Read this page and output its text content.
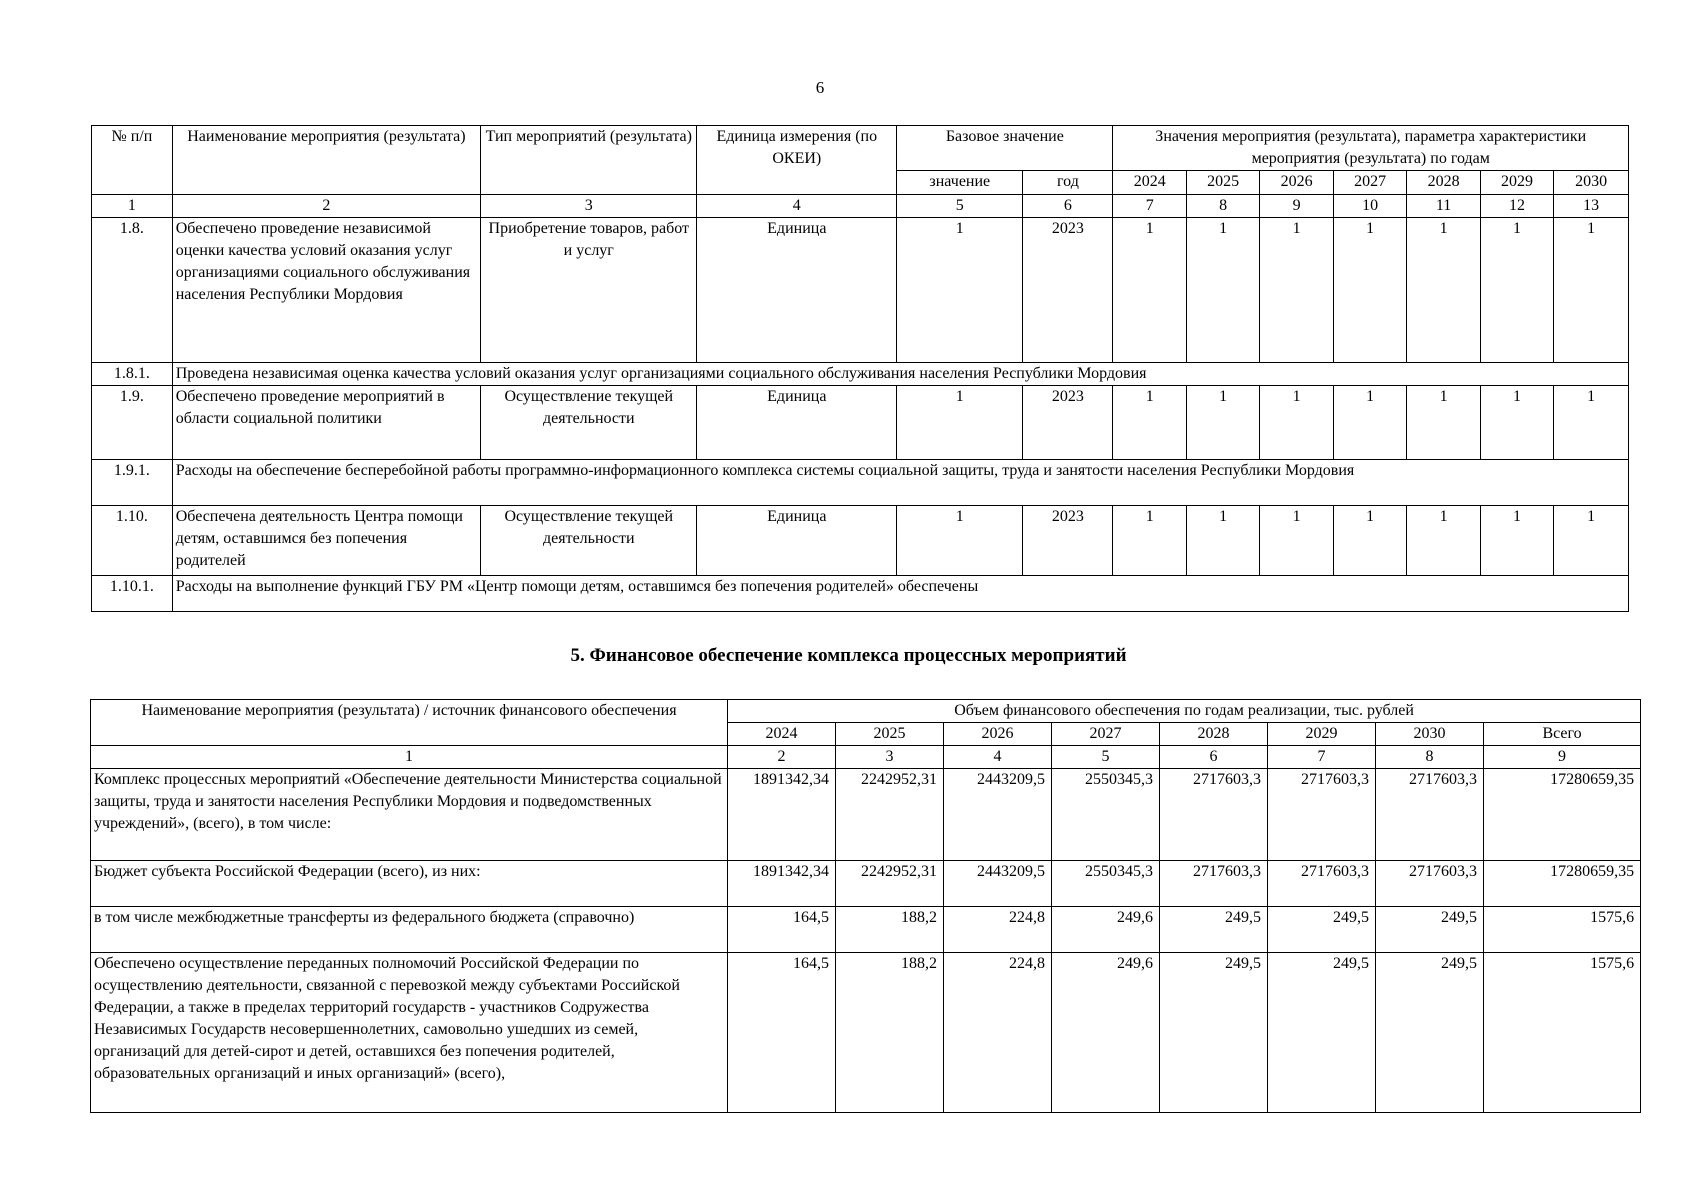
6
№ п/п	Наименование мероприятия (результата)	Тип мероприятий (результата)	Единица измерения (по ОКЕИ)	Базовое значение		Значения мероприятия (результата), параметра характеристики мероприятия (результата) по годам						
				значение	год	2024	2025	2026	2027	2028	2029	2030
1	2	3	4	5	6	7	8	9	10	11	12	13
1.8.	Обеспечено проведение независимой оценки качества условий оказания услуг организациями социального обслуживания населения Республики Мордовия	Приобретение товаров, работ и услуг	Единица	1	2023	1	1	1	1	1	1	1
1.8.1.	Проведена независимая оценка качества условий оказания услуг организациями социального обслуживания населения Республики Мордовия											
1.9.	Обеспечено проведение мероприятий в области социальной политики	Осуществление текущей деятельности	Единица	1	2023	1	1	1	1	1	1	1
1.9.1.	Расходы на обеспечение бесперебойной работы программно-информационного комплекса системы социальной защиты, труда и занятости населения Республики Мордовия											
1.10.	Обеспечена деятельность Центра помощи детям, оставшимся без попечения родителей	Осуществление текущей деятельности	Единица	1	2023	1	1	1	1	1	1	1
1.10.1.	Расходы на выполнение функций ГБУ РМ «Центр помощи детям, оставшимся без попечения родителей» обеспечены											
5. Финансовое обеспечение комплекса процессных мероприятий
Наименование мероприятия (результата) / источник финансового обеспечения	Объем финансового обеспечения по годам реализации, тыс. рублей							
	2024	2025	2026	2027	2028	2029	2030	Всего
1	2	3	4	5	6	7	8	9
Комплекс процессных мероприятий «Обеспечение деятельности Министерства социальной защиты, труда и занятости населения Республики Мордовия и подведомственных учреждений», (всего), в том числе:	1891342,34	2242952,31	2443209,5	2550345,3	2717603,3	2717603,3	2717603,3	17280659,35
Бюджет субъекта Российской Федерации (всего), из них:	1891342,34	2242952,31	2443209,5	2550345,3	2717603,3	2717603,3	2717603,3	17280659,35
в том числе межбюджетные трансферты из федерального бюджета (справочно)	164,5	188,2	224,8	249,6	249,5	249,5	249,5	1575,6
Обеспечено осуществление переданных полномочий Российской Федерации по осуществлению деятельности, связанной с перевозкой между субъектами Российской Федерации, а также в пределах территорий государств - участников Содружества Независимых Государств несовершеннолетних, самовольно ушедших из семей, организаций для детей-сирот и детей, оставшихся без попечения родителей, образовательных организаций и иных организаций» (всего),	164,5	188,2	224,8	249,6	249,5	249,5	249,5	1575,6
